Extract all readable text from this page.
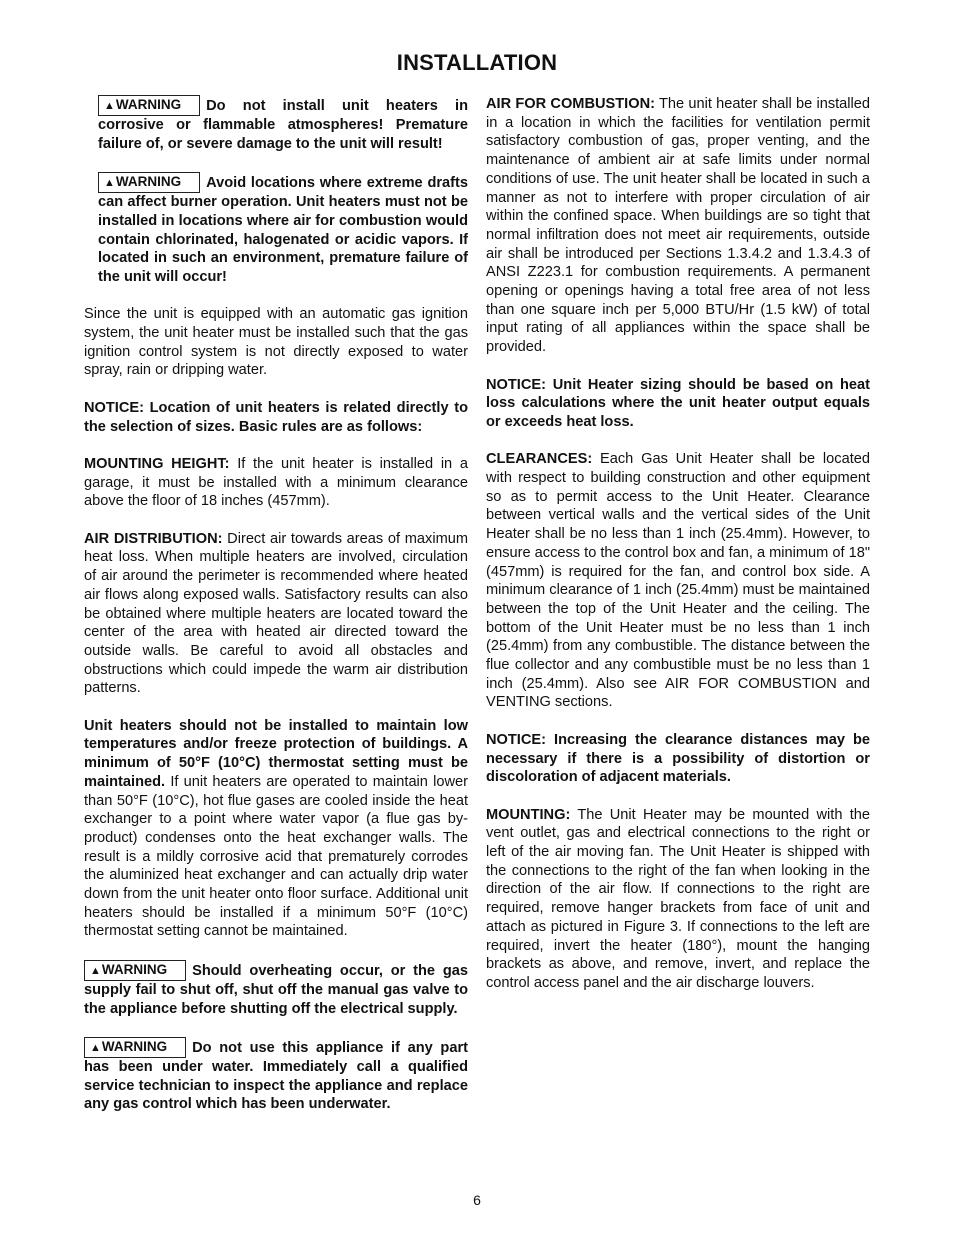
INSTALLATION

▲WARNING Do not install unit heaters in corrosive or flammable atmospheres! Premature failure of, or severe damage to the unit will result!

▲WARNING Avoid locations where extreme drafts can affect burner operation. Unit heaters must not be installed in locations where air for combustion would contain chlorinated, halogenated or acidic vapors. If located in such an environment, premature failure of the unit will occur!

Since the unit is equipped with an automatic gas ignition system, the unit heater must be installed such that the gas ignition control system is not directly exposed to water spray, rain or dripping water.

NOTICE: Location of unit heaters is related directly to the selection of sizes. Basic rules are as follows:

MOUNTING HEIGHT: If the unit heater is installed in a garage, it must be installed with a minimum clearance above the floor of 18 inches (457mm).

AIR DISTRIBUTION: Direct air towards areas of maximum heat loss. When multiple heaters are involved, circulation of air around the perimeter is recommended where heated air flows along exposed walls. Satisfactory results can also be obtained where multiple heaters are located toward the center of the area with heated air directed toward the outside walls. Be careful to avoid all obstacles and obstructions which could impede the warm air distribution patterns.

Unit heaters should not be installed to maintain low temperatures and/or freeze protection of buildings. A minimum of 50°F (10°C) thermostat setting must be maintained. If unit heaters are operated to maintain lower than 50°F (10°C), hot flue gases are cooled inside the heat exchanger to a point where water vapor (a flue gas by-product) condenses onto the heat exchanger walls. The result is a mildly corrosive acid that prematurely corrodes the aluminized heat exchanger and can actually drip water down from the unit heater onto floor surface. Additional unit heaters should be installed if a minimum 50°F (10°C) thermostat setting cannot be maintained.

▲WARNING Should overheating occur, or the gas supply fail to shut off, shut off the manual gas valve to the appliance before shutting off the electrical supply.

▲WARNING Do not use this appliance if any part has been under water. Immediately call a qualified service technician to inspect the appliance and replace any gas control which has been underwater.

AIR FOR COMBUSTION: The unit heater shall be installed in a location in which the facilities for ventilation permit satisfactory combustion of gas, proper venting, and the maintenance of ambient air at safe limits under normal conditions of use. The unit heater shall be located in such a manner as not to interfere with proper circulation of air within the confined space. When buildings are so tight that normal infiltration does not meet air requirements, outside air shall be introduced per Sections 1.3.4.2 and 1.3.4.3 of ANSI Z223.1 for combustion requirements. A permanent opening or openings having a total free area of not less than one square inch per 5,000 BTU/Hr (1.5 kW) of total input rating of all appliances within the space shall be provided.

NOTICE: Unit Heater sizing should be based on heat loss calculations where the unit heater output equals or exceeds heat loss.

CLEARANCES: Each Gas Unit Heater shall be located with respect to building construction and other equipment so as to permit access to the Unit Heater. Clearance between vertical walls and the vertical sides of the Unit Heater shall be no less than 1 inch (25.4mm). However, to ensure access to the control box and fan, a minimum of 18" (457mm) is required for the fan, and control box side. A minimum clearance of 1 inch (25.4mm) must be maintained between the top of the Unit Heater and the ceiling. The bottom of the Unit Heater must be no less than 1 inch (25.4mm) from any combustible. The distance between the flue collector and any combustible must be no less than 1 inch (25.4mm). Also see AIR FOR COMBUSTION and VENTING sections.

NOTICE: Increasing the clearance distances may be necessary if there is a possibility of distortion or discoloration of adjacent materials.

MOUNTING: The Unit Heater may be mounted with the vent outlet, gas and electrical connections to the right or left of the air moving fan. The Unit Heater is shipped with the connections to the right of the fan when looking in the direction of the air flow. If connections to the right are required, remove hanger brackets from face of unit and attach as pictured in Figure 3. If connections to the left are required, invert the heater (180°), mount the hanging brackets as above, and remove, invert, and replace the control access panel and the air discharge louvers.

6
